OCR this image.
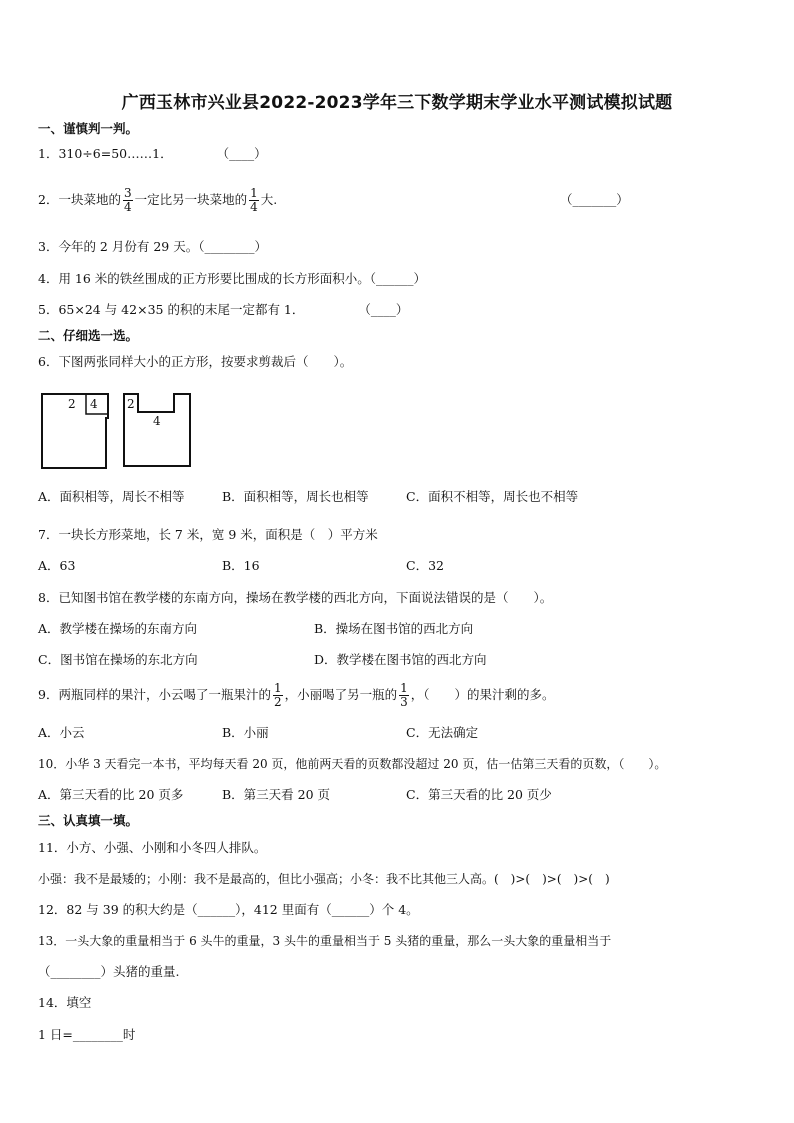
广西玉林市兴业县2022-2023学年三下数学期末学业水平测试模拟试题
一、谨慎判一判。
1．310÷6=50……1．	（____）
2．一块菜地的 $\frac{3}{4}$ 一定比另一块菜地的 $\frac{1}{4}$ 大.	（_______）
3．今年的 2 月份有 29 天。（________）
4．用 16 米的铁丝围成的正方形要比围成的长方形面积小。（______）
5．65×24 与 42×35 的积的末尾一定都有 1．	（____）
二、仔细选一选。
6．下图两张同样大小的正方形，按要求剪裁后（　　）。
2 4 2
4
A．面积相等，周长不相等	B．面积相等，周长也相等	C．面积不相等，周长也不相等
7．一块长方形菜地，长 7 米，宽 9 米，面积是（　）平方米
A．63	B．16	C．32
8．已知图书馆在教学楼的东南方向，操场在教学楼的西北方向，下面说法错误的是（　　）。
A．教学楼在操场的东南方向	B．操场在图书馆的西北方向
C．图书馆在操场的东北方向	D．教学楼在图书馆的西北方向
9．两瓶同样的果汁，小云喝了一瓶果汁的 $\frac{1}{2}$ ，小丽喝了另一瓶的 $\frac{1}{3}$ ，（　　）的果汁剩的多。
A．小云	B．小丽	C．无法确定
10．小华 3 天看完一本书，平均每天看 20 页，他前两天看的页数都没超过 20 页，估一估第三天看的页数，（　　）。
A．第三天看的比 20 页多	B．第三天看 20 页	C．第三天看的比 20 页少
三、认真填一填。
11．小方、小强、小刚和小冬四人排队。
小强：我不是最矮的；小刚：我不是最高的，但比小强高；小冬：我不比其他三人高。(　)>(　)>(　)>(　)
12．82 与 39 的积大约是（______），412 里面有（______）个 4。
13．一头大象的重量相当于 6 头牛的重量，3 头牛的重量相当于 5 头猪的重量，那么一头大象的重量相当于
（________）头猪的重量.
14．填空
1 日=________时
